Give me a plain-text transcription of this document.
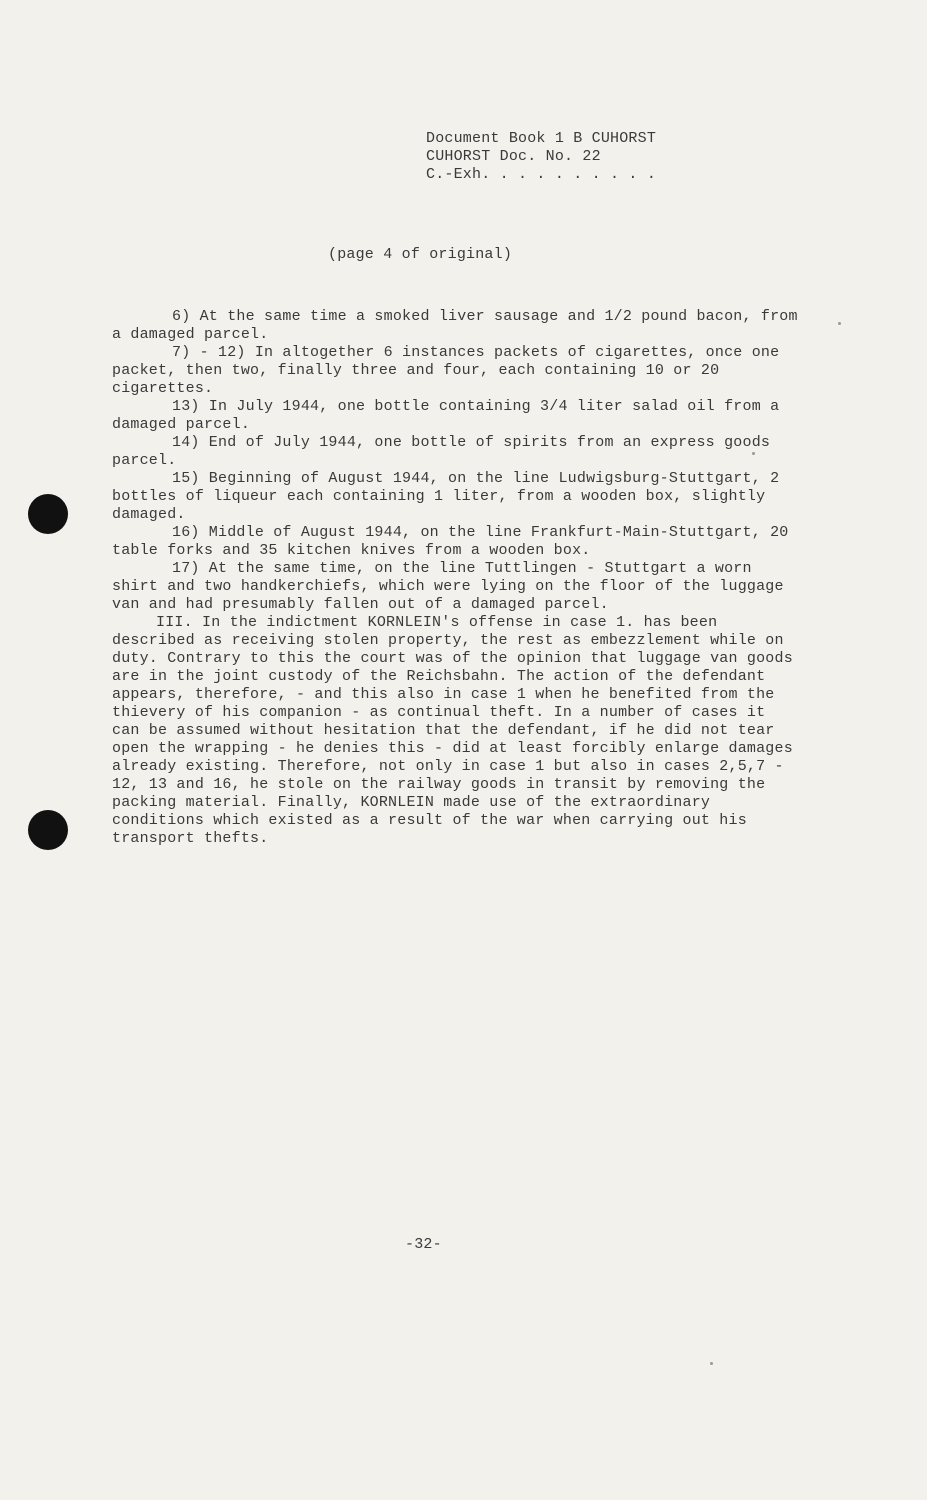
Document Book 1 B CUHORST
CUHORST Doc. No. 22
C.-Exh. . . . . . . . . .
(page 4 of original)

6) At the same time a smoked liver sausage and 1/2 pound bacon, from a damaged parcel.

7) - 12) In altogether 6 instances packets of cigarettes, once one packet, then two, finally three and four, each containing 10 or 20 cigarettes.

13) In July 1944, one bottle containing 3/4 liter salad oil from a damaged parcel.

14) End of July 1944, one bottle of spirits from an express goods parcel.

15) Beginning of August 1944, on the line Ludwigsburg-Stuttgart, 2 bottles of liqueur each containing 1 liter, from a wooden box, slightly damaged.

16) Middle of August 1944, on the line Frankfurt-Main-Stuttgart, 20 table forks and 35 kitchen knives from a wooden box.

17) At the same time, on the line Tuttlingen - Stuttgart a worn shirt and two handkerchiefs, which were lying on the floor of the luggage van and had presumably fallen out of a damaged parcel.

III. In the indictment KORNLEIN's offense in case 1. has been described as receiving stolen property, the rest as embezzlement while on duty. Contrary to this the court was of the opinion that luggage van goods are in the joint custody of the Reichsbahn. The action of the defendant appears, therefore, - and this also in case 1 when he benefited from the thievery of his companion - as continual theft. In a number of cases it can be assumed without hesitation that the defendant, if he did not tear open the wrapping - he denies this - did at least forcibly enlarge damages already existing. Therefore, not only in case 1 but also in cases 2,5,7 - 12, 13 and 16, he stole on the railway goods in transit by removing the packing material. Finally, KORNLEIN made use of the extraordinary conditions which existed as a result of the war when carrying out his transport thefts.

-32-
